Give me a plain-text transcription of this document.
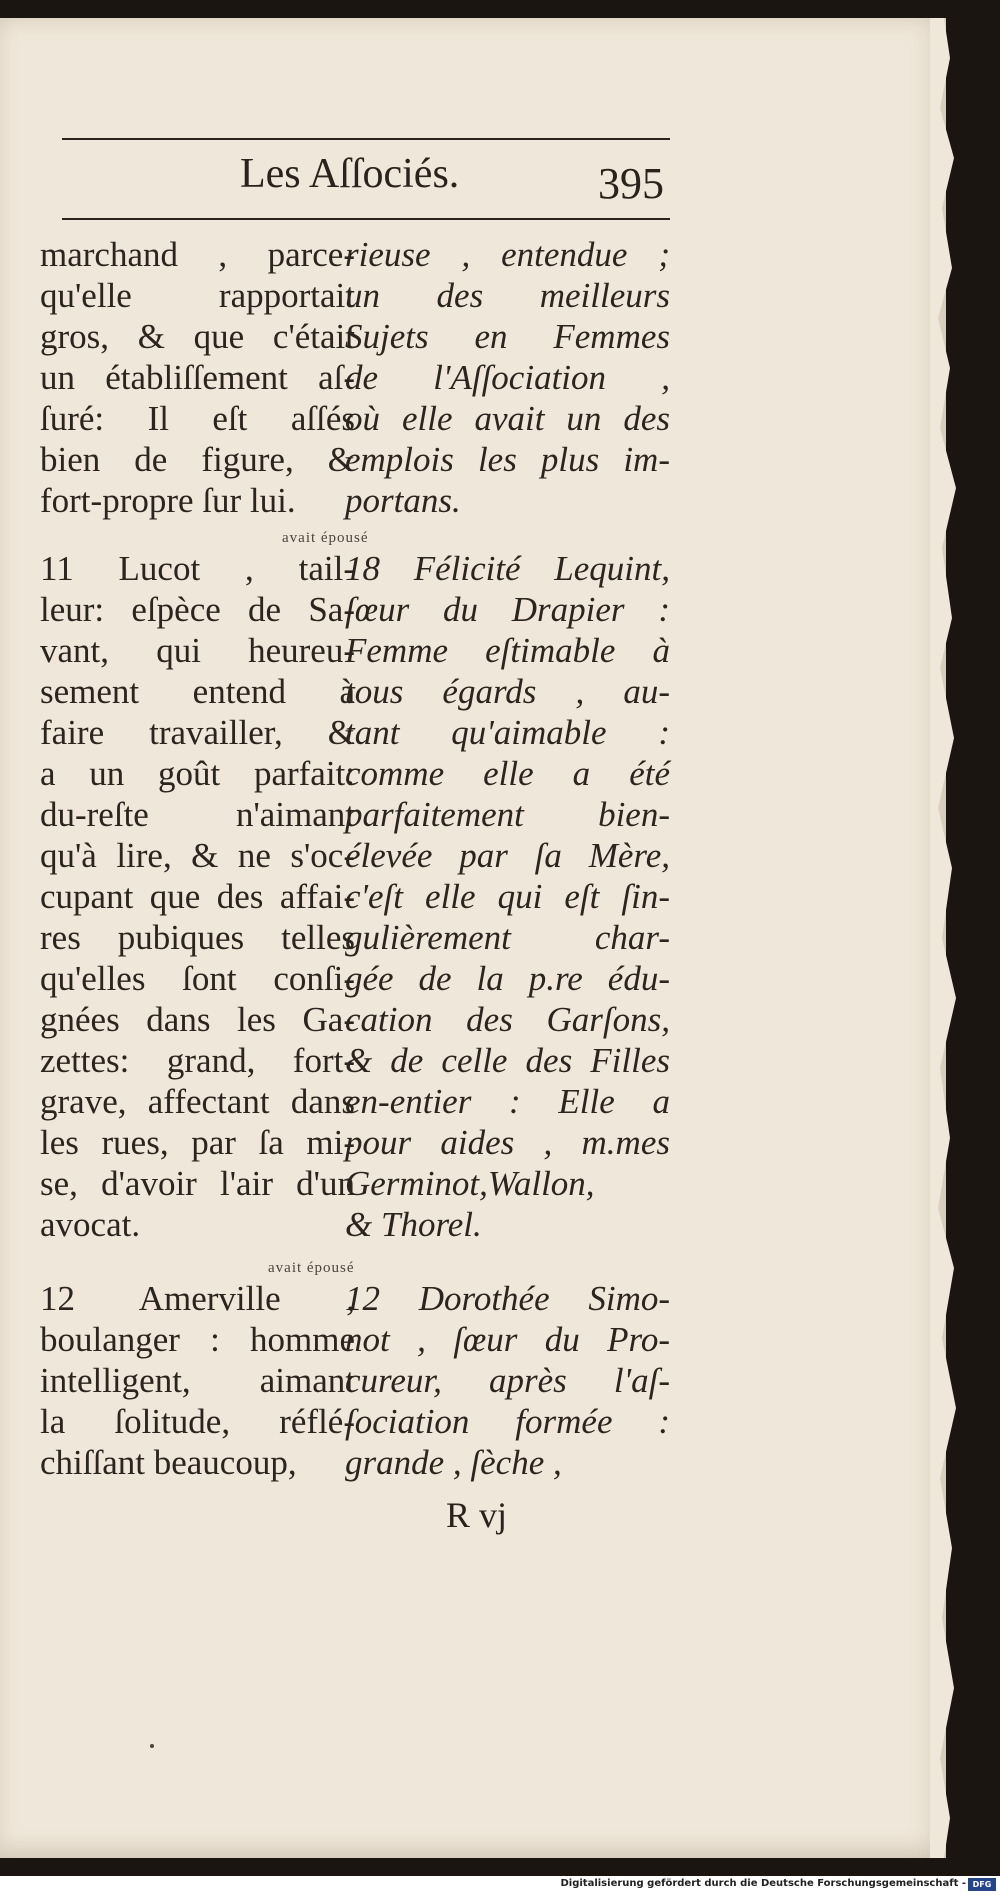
Les Aſſociés.	395
marchand , parce-
qu'elle rapportait
gros, & que c'était
un établiſſement aſ-
ſuré: Il eſt aſſés
bien de figure, &
fort-propre ſur lui.
rieuse , entendue ;
un des meilleurs
Sujets en Femmes
de l'Aſſociation ,
où elle avait un des
emplois les plus im-
portans.
avait épousé
11 Lucot , tail-
leur: eſpèce de Sa-
vant, qui heureu-
sement entend à
faire travailler, &
a un goût parfait:
du-reſte n'aimant
qu'à lire, & ne s'oc-
cupant que des affai-
res pubiques telles
qu'elles ſont conſi-
gnées dans les Ga-
zettes: grand, fort-
grave, affectant dans
les rues, par ſa mi-
se, d'avoir l'air d'un
avocat.
18 Félicité Lequint,
ſœur du Drapier :
Femme eſtimable à
tous égards , au-
tant qu'aimable :
comme elle a été
parfaitement bien-
élevée par ſa Mère,
c'eſt elle qui eſt ſin-
gulièrement char-
gée de la p.re édu-
cation des Garſons,
& de celle des Filles
en-entier : Elle a
pour aides , m.mes
Germinot,Wallon,
& Thorel.
avait épousé
12 Amerville ,
boulanger : homme
intelligent, aimant
la ſolitude, réflé-
chiſſant beaucoup,
12 Dorothée Simo-
not , ſœur du Pro-
cureur, après l'aſ-
ſociation formée :
grande , ſèche ,
R vj
Digitalisierung gefördert durch die Deutsche Forschungsgemeinschaft - DFG
